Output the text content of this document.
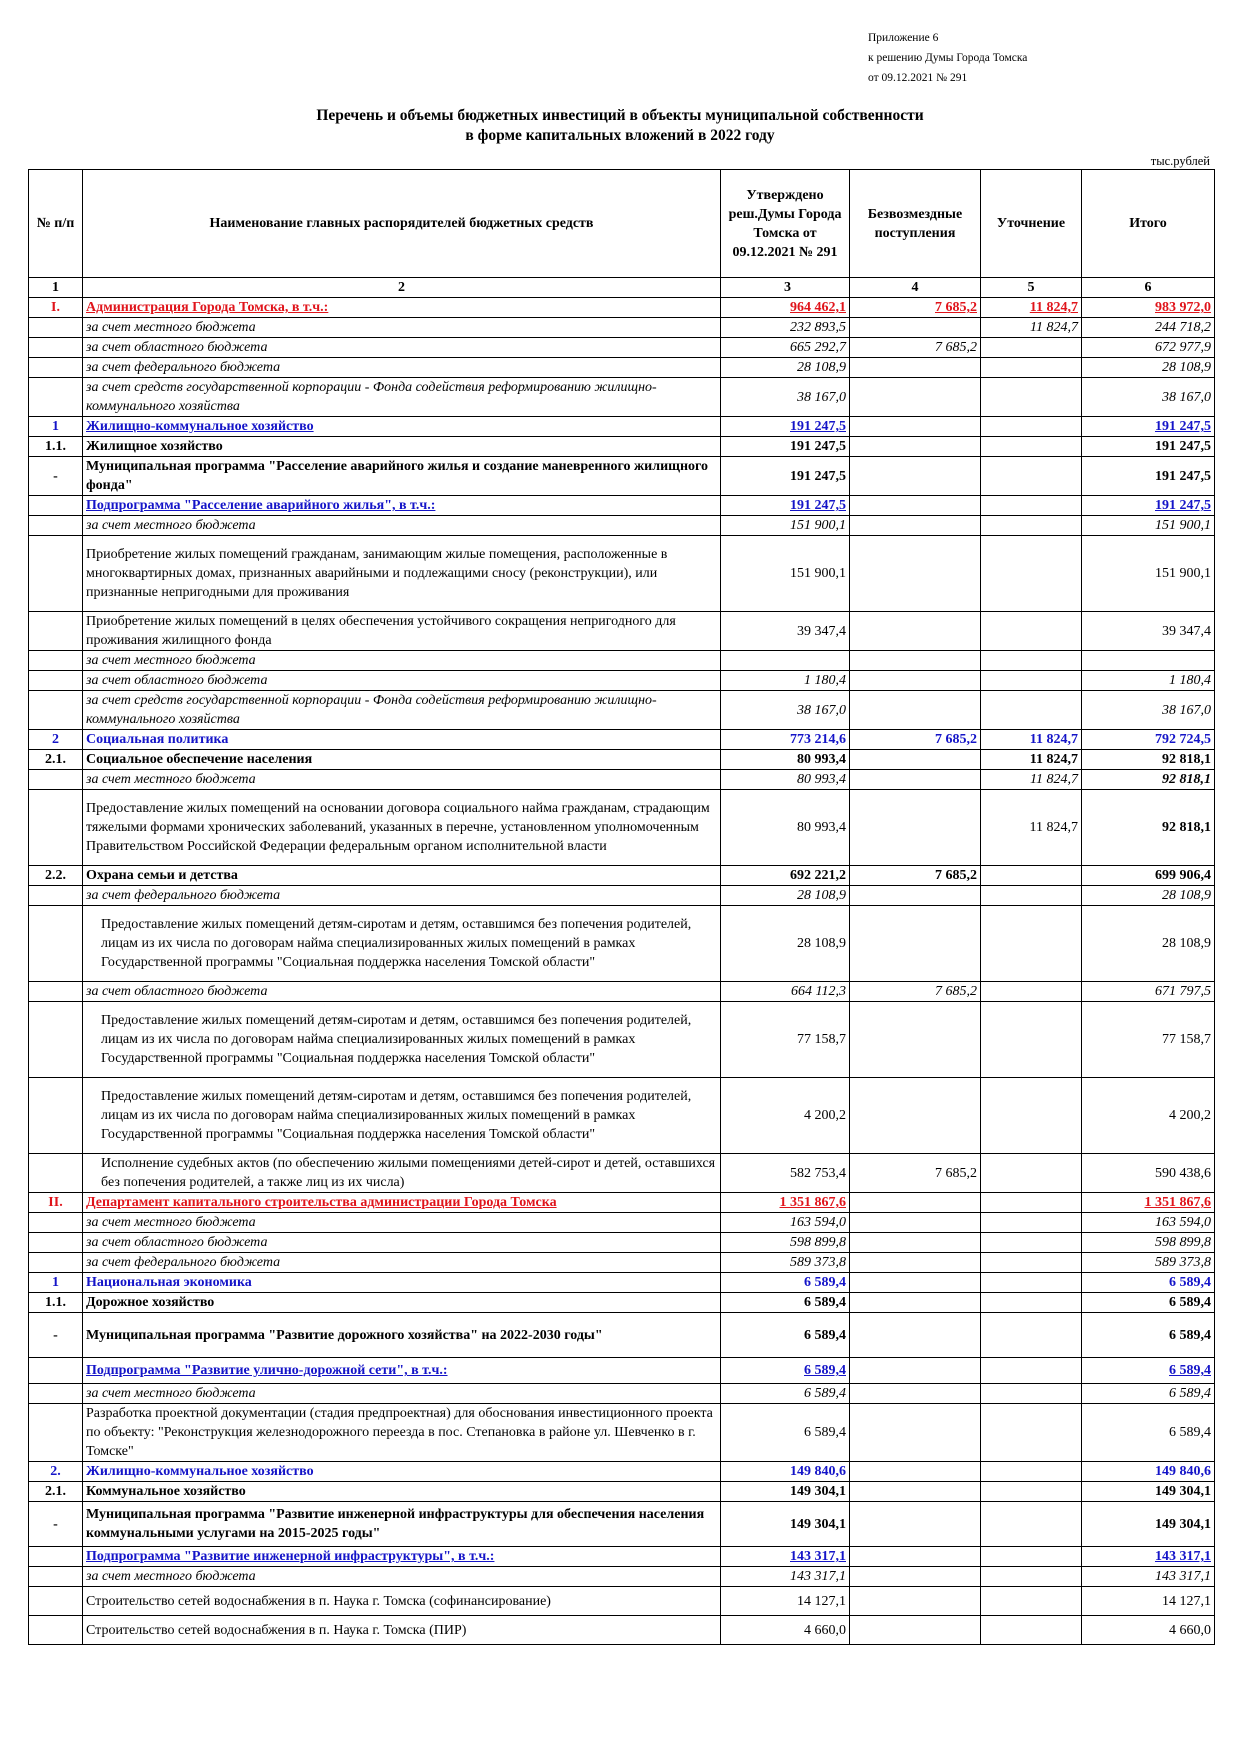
Приложение 6
к решению Думы Города Томска
от 09.12.2021 № 291
Перечень и объемы бюджетных инвестиций в объекты муниципальной собственности
в форме капитальных вложений в 2022 году
тыс.рублей
№ п/п	Наименование главных распорядителей бюджетных средств	Утверждено реш.Думы Города Томска от 09.12.2021 № 291	Безвозмездные поступления	Уточнение	Итого
1	2	3	4	5	6
I.	Администрация Города Томска, в т.ч.:	964 462,1	7 685,2	11 824,7	983 972,0
	за счет местного бюджета	232 893,5		11 824,7	244 718,2
	за счет областного бюджета	665 292,7	7 685,2		672 977,9
	за счет федерального бюджета	28 108,9			28 108,9
	за счет средств государственной корпорации - Фонда содействия реформированию жилищно-коммунального хозяйства	38 167,0			38 167,0
1	Жилищно-коммунальное хозяйство	191 247,5			191 247,5
1.1.	Жилищное хозяйство	191 247,5			191 247,5
-	Муниципальная программа "Расселение аварийного жилья и создание маневренного жилищного фонда"	191 247,5			191 247,5
	Подпрограмма "Расселение аварийного жилья", в т.ч.:	191 247,5			191 247,5
	за счет местного бюджета	151 900,1			151 900,1
	Приобретение жилых помещений гражданам, занимающим жилые помещения, расположенные в многоквартирных домах, признанных аварийными и подлежащими сносу (реконструкции), или признанные непригодными для проживания	151 900,1			151 900,1
	Приобретение жилых помещений в целях обеспечения устойчивого сокращения непригодного для проживания жилищного фонда	39 347,4			39 347,4
	за счет местного бюджета				
	за счет областного бюджета	1 180,4			1 180,4
	за счет средств государственной корпорации - Фонда содействия реформированию жилищно-коммунального хозяйства	38 167,0			38 167,0
2	Социальная политика	773 214,6	7 685,2	11 824,7	792 724,5
2.1.	Социальное обеспечение населения	80 993,4		11 824,7	92 818,1
	за счет местного бюджета	80 993,4		11 824,7	92 818,1
	Предоставление жилых помещений на основании договора социального найма гражданам, страдающим тяжелыми формами хронических заболеваний, указанных в перечне, установленном уполномоченным Правительством Российской Федерации федеральным органом исполнительной власти	80 993,4		11 824,7	92 818,1
2.2.	Охрана семьи и детства	692 221,2	7 685,2		699 906,4
	за счет федерального бюджета	28 108,9			28 108,9
	Предоставление жилых помещений детям-сиротам и детям, оставшимся без попечения родителей, лицам из их числа по договорам найма специализированных жилых помещений в рамках Государственной программы "Социальная поддержка населения Томской области"	28 108,9			28 108,9
	за счет областного бюджета	664 112,3	7 685,2		671 797,5
	Предоставление жилых помещений детям-сиротам и детям, оставшимся без попечения родителей, лицам из их числа по договорам найма специализированных жилых помещений в рамках Государственной программы "Социальная поддержка населения Томской области"	77 158,7			77 158,7
	Предоставление жилых помещений детям-сиротам и детям, оставшимся без попечения родителей, лицам из их числа по договорам найма специализированных жилых помещений в рамках Государственной программы "Социальная поддержка населения Томской области"	4 200,2			4 200,2
	Исполнение судебных актов (по обеспечению жилыми помещениями детей-сирот и детей, оставшихся без попечения родителей, а также лиц из их числа)	582 753,4	7 685,2		590 438,6
II.	Департамент капитального строительства администрации Города Томска	1 351 867,6			1 351 867,6
	за счет местного бюджета	163 594,0			163 594,0
	за счет областного бюджета	598 899,8			598 899,8
	за счет федерального бюджета	589 373,8			589 373,8
1	Национальная экономика	6 589,4			6 589,4
1.1.	Дорожное хозяйство	6 589,4			6 589,4
-	Муниципальная программа "Развитие дорожного хозяйства" на 2022-2030 годы"	6 589,4			6 589,4
	Подпрограмма "Развитие улично-дорожной сети", в т.ч.:	6 589,4			6 589,4
	за счет местного бюджета	6 589,4			6 589,4
	Разработка проектной документации (стадия предпроектная) для обоснования инвестиционного проекта по объекту: "Реконструкция железнодорожного переезда в пос. Степановка в районе ул. Шевченко в г. Томске"	6 589,4			6 589,4
2.	Жилищно-коммунальное хозяйство	149 840,6			149 840,6
2.1.	Коммунальное хозяйство	149 304,1			149 304,1
-	Муниципальная программа "Развитие инженерной инфраструктуры для обеспечения населения коммунальными услугами на 2015-2025 годы"	149 304,1			149 304,1
	Подпрограмма "Развитие инженерной инфраструктуры", в т.ч.:	143 317,1			143 317,1
	за счет местного бюджета	143 317,1			143 317,1
	Строительство сетей водоснабжения в п. Наука г. Томска (софинансирование)	14 127,1			14 127,1
	Строительство сетей водоснабжения в п. Наука г. Томска (ПИР)	4 660,0			4 660,0
